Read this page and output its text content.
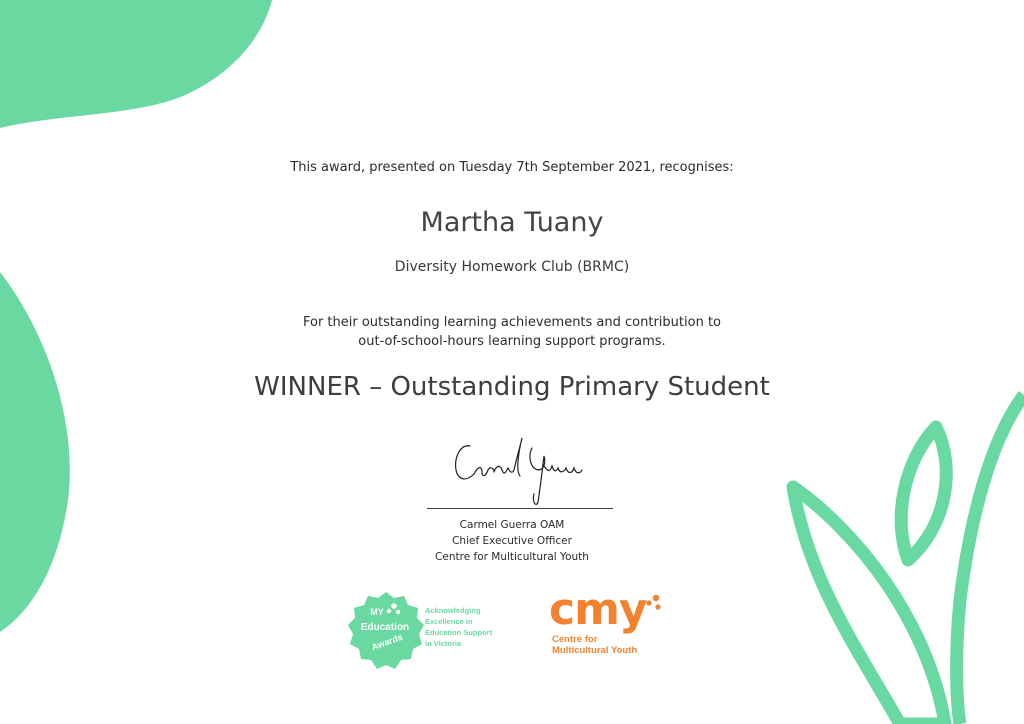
This award, presented on Tuesday 7th September 2021, recognises:
Martha Tuany
Diversity Homework Club (BRMC)
For their outstanding learning achievements and contribution to
out-of-school-hours learning support programs.
WINNER – Outstanding Primary Student
Carmel Guerra OAM
Chief Executive Officer
Centre for Multicultural Youth
MY
Education
Awards
Acknowledging
Excellence in
Education Support
in Victoria
cmy
Centre for
Multicultural Youth
